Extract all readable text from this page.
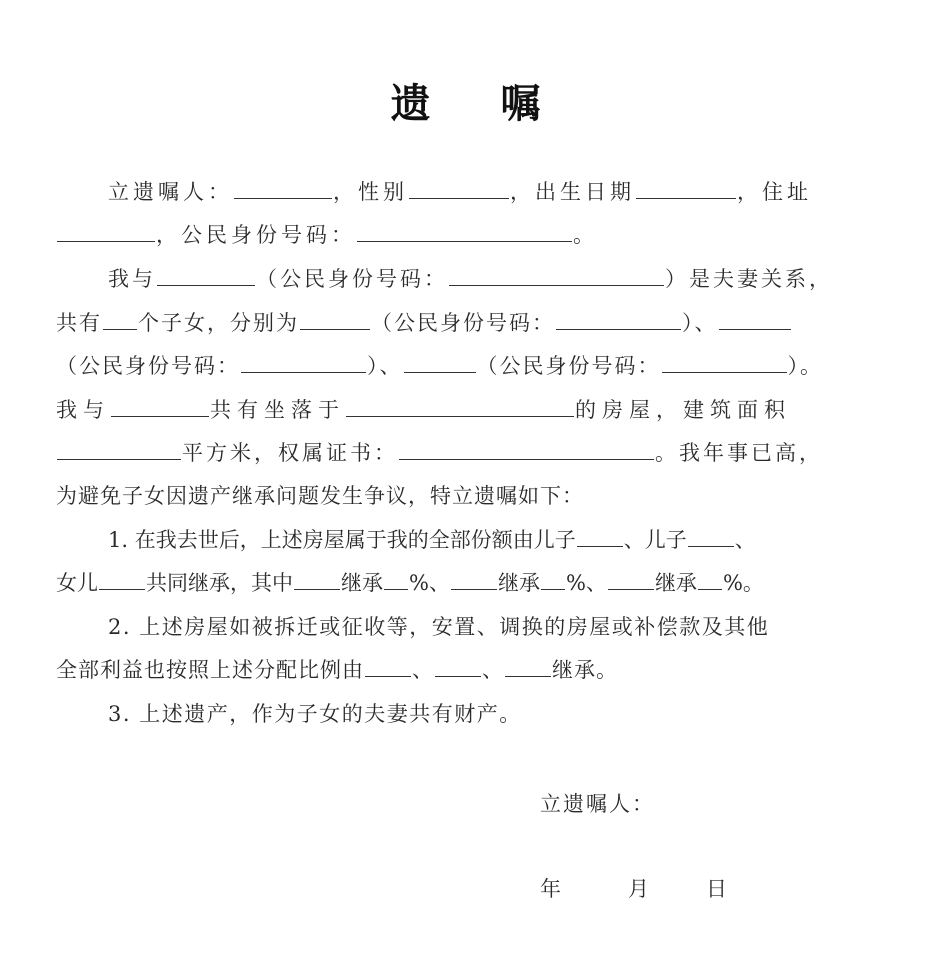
遗 嘱
立遗嘱人：	，性别	，出生日期	，住址
，公民身份号码：	。
我与	（公民身份号码：	）是夫妻关系，
共有 个子女，分别为	（公民身份号码：	）、
（公民身份号码：	）、	（公民身份号码：	）。
我与	共有坐落于	的房屋，建筑面积
平方米，权属证书：	。我年事已高，
为避免子女因遗产继承问题发生争议，特立遗嘱如下：
1. 在我去世后，上述房屋属于我的全部份额由儿子 、儿子 、
女儿 共同继承，其中 继承 %、 继承 %、 继承 %。
2. 上述房屋如被拆迁或征收等，安置、调换的房屋或补偿款及其他
全部利益也按照上述分配比例由 、 、 继承。
3. 上述遗产，作为子女的夫妻共有财产。
立遗嘱人：
年	月	日
